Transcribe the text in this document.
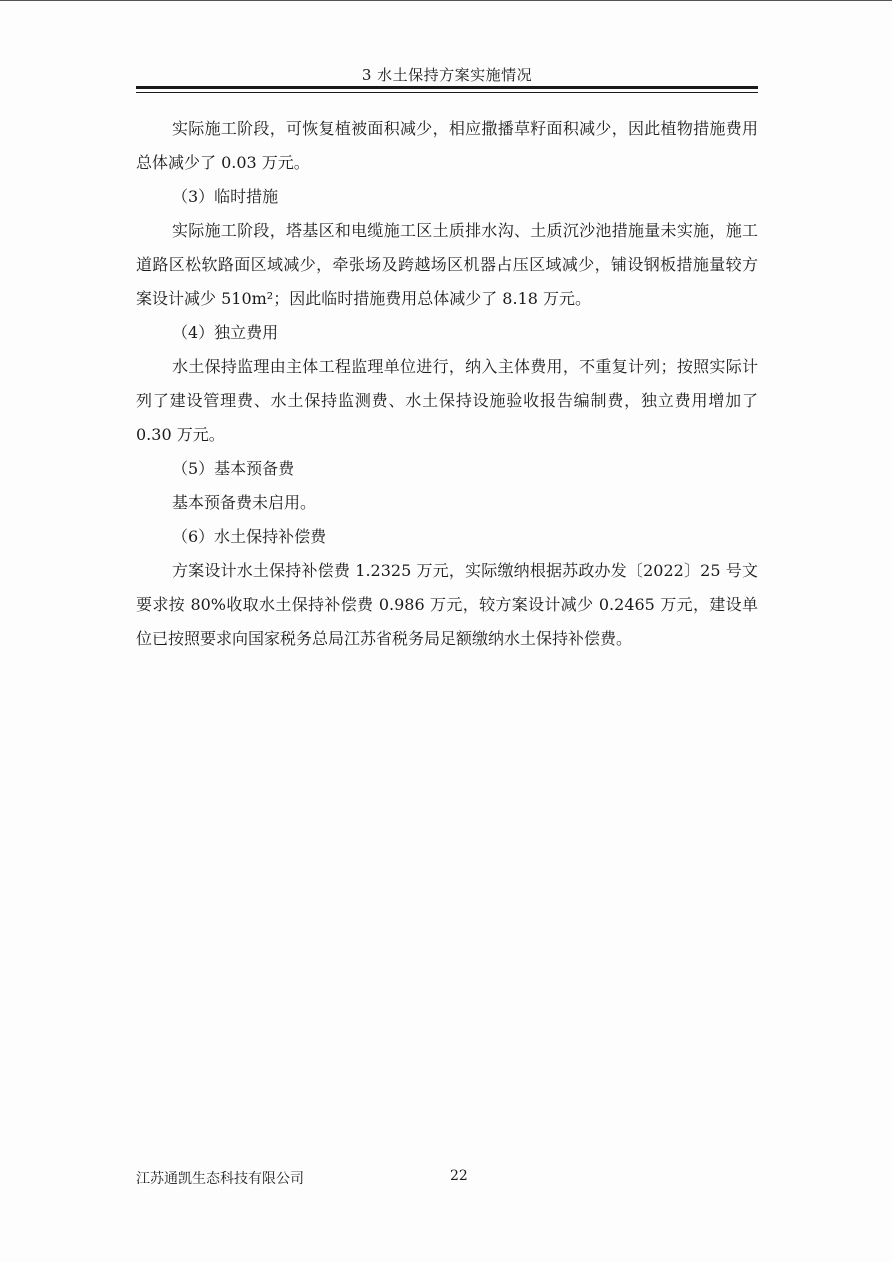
3 水土保持方案实施情况

实际施工阶段，可恢复植被面积减少，相应撒播草籽面积减少，因此植物措施费用总体减少了 0.03 万元。

（3）临时措施

实际施工阶段，塔基区和电缆施工区土质排水沟、土质沉沙池措施量未实施，施工道路区松软路面区域减少，牵张场及跨越场区机器占压区域减少，铺设钢板措施量较方案设计减少 510m²；因此临时措施费用总体减少了 8.18 万元。

（4）独立费用

水土保持监理由主体工程监理单位进行，纳入主体费用，不重复计列；按照实际计列了建设管理费、水土保持监测费、水土保持设施验收报告编制费，独立费用增加了 0.30 万元。

（5）基本预备费

基本预备费未启用。

（6）水土保持补偿费

方案设计水土保持补偿费 1.2325 万元，实际缴纳根据苏政办发〔2022〕25 号文要求按 80%收取水土保持补偿费 0.986 万元，较方案设计减少 0.2465 万元，建设单位已按照要求向国家税务总局江苏省税务局足额缴纳水土保持补偿费。

江苏通凯生态科技有限公司	22
